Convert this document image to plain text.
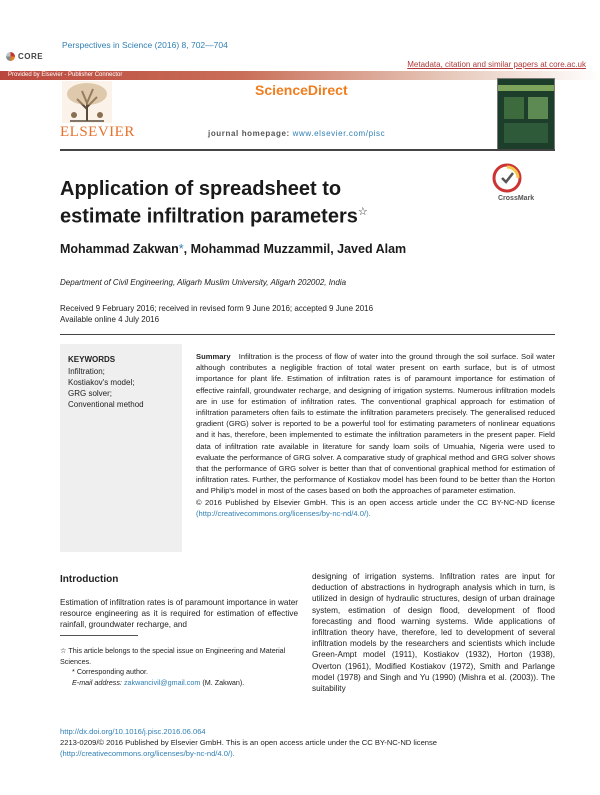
CORE
Perspectives in Science (2016) 8, 702—704
Metadata, citation and similar papers at core.ac.uk
Provided by Elsevier - Publisher Connector
ELSEVIER
ScienceDirect
journal homepage: www.elsevier.com/pisc
Application of spreadsheet to estimate infiltration parameters☆
CrossMark
Mohammad Zakwan*, Mohammad Muzzammil, Javed Alam
Department of Civil Engineering, Aligarh Muslim University, Aligarh 202002, India
Received 9 February 2016; received in revised form 9 June 2016; accepted 9 June 2016
Available online 4 July 2016
KEYWORDS
Infiltration;
Kostiakov's model;
GRG solver;
Conventional method

Summary Infiltration is the process of flow of water into the ground through the soil surface. Soil water although contributes a negligible fraction of total water present on earth surface, but is of utmost importance for plant life. Estimation of infiltration rates is of paramount importance for estimation of effective rainfall, groundwater recharge, and designing of irrigation systems. Numerous infiltration models are in use for estimation of infiltration rates. The conventional graphical approach for estimation of infiltration parameters often fails to estimate the infiltration parameters precisely. The generalised reduced gradient (GRG) solver is reported to be a powerful tool for estimating parameters of nonlinear equations and it has, therefore, been implemented to estimate the infiltration parameters in the present paper. Field data of infiltration rate available in literature for sandy loam soils of Umuahia, Nigeria were used to evaluate the performance of GRG solver. A comparative study of graphical method and GRG solver shows that the performance of GRG solver is better than that of conventional graphical method for estimation of infiltration rates. Further, the performance of Kostiakov model has been found to be better than the Horton and Philip's model in most of the cases based on both the approaches of parameter estimation.

© 2016 Published by Elsevier GmbH. This is an open access article under the CC BY-NC-ND license (http://creativecommons.org/licenses/by-nc-nd/4.0/).

Introduction

Estimation of infiltration rates is of paramount importance in water resource engineering as it is required for estimation of effective rainfall, groundwater recharge, and

designing of irrigation systems. Infiltration rates are input for deduction of abstractions in hydrograph analysis which in turn, is utilized in design of hydraulic structures, design of urban drainage system, estimation of design flood, development of flood forecasting and flood warning systems. Wide applications of infiltration theory have, therefore, led to development of several infiltration models by the researchers and scientists which include Green-Ampt model (1911), Kostiakov (1932), Horton (1938), Overton (1961), Modified Kostiakov (1972), Smith and Parlange model (1978) and Singh and Yu (1990) (Mishra et al. (2003)). The suitability

☆ This article belongs to the special issue on Engineering and Material Sciences.
* Corresponding author.
E-mail address: zakwancivil@gmail.com (M. Zakwan).
http://dx.doi.org/10.1016/j.pisc.2016.06.064
2213-0209/© 2016 Published by Elsevier GmbH. This is an open access article under the CC BY-NC-ND license (http://creativecommons.org/licenses/by-nc-nd/4.0/).
